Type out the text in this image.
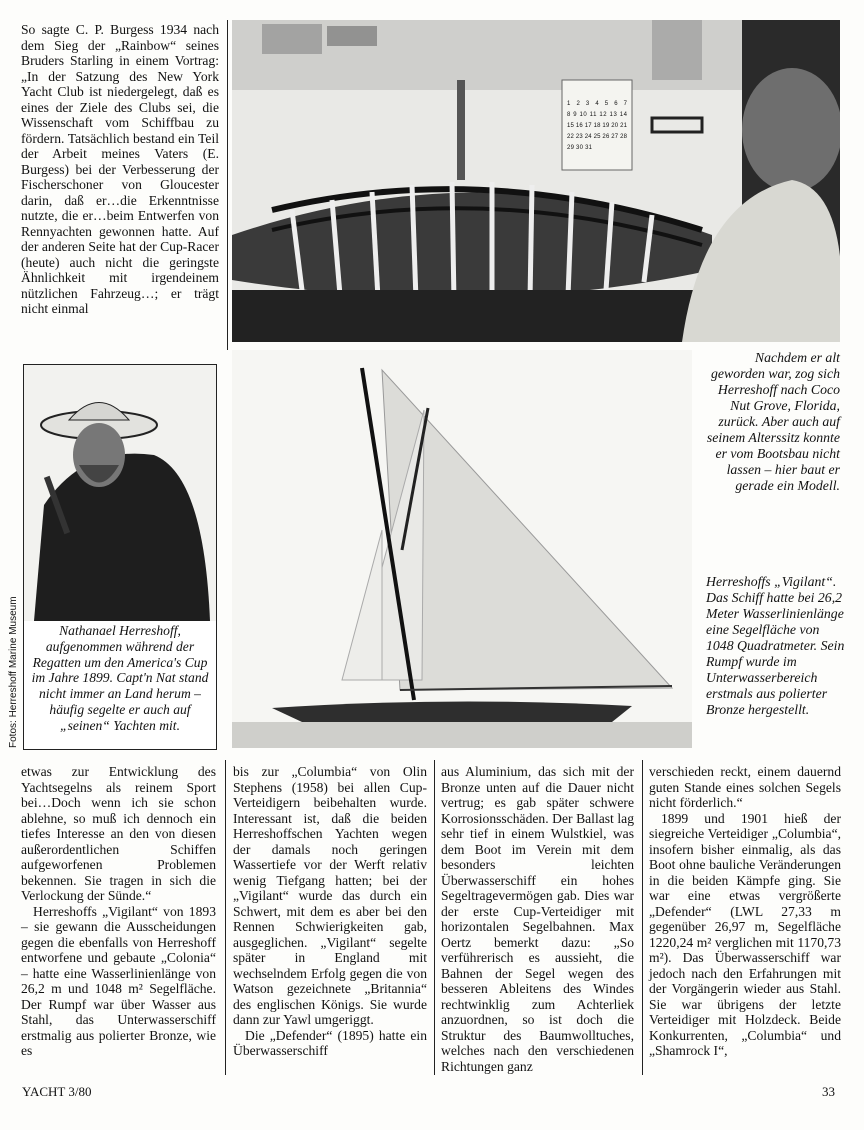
So sagte C. P. Burgess 1934 nach dem Sieg der „Rainbow“ seines Bruders Starling in einem Vortrag: „In der Satzung des New York Yacht Club ist niedergelegt, daß es eines der Ziele des Clubs sei, die Wissenschaft vom Schiffbau zu fördern. Tatsächlich bestand ein Teil der Arbeit meines Vaters (E. Burgess) bei der Verbesserung der Fischerschoner von Gloucester darin, daß er…die Erkenntnisse nutzte, die er…beim Entwerfen von Rennyachten gewonnen hatte. Auf der anderen Seite hat der Cup-Racer (heute) auch nicht die geringste Ähnlichkeit mit irgendeinem nützlichen Fahrzeug…; er trägt nicht einmal

1 2 3 4 5 6 7
8 9 10 11 12 13 14
15 16 17 18 19 20 21
22 23 24 25 26 27 28
29 30 31
Nathanael Herreshoff, aufgenommen während der Regatten um den America's Cup im Jahre 1899. Capt'n Nat stand nicht immer an Land herum – häufig segelte er auch auf „seinen“ Yachten mit.
Fotos: Herreshoff Marine Museum
Nachdem er alt geworden war, zog sich Herreshoff nach Coco Nut Grove, Florida, zurück. Aber auch auf seinem Alterssitz konnte er vom Bootsbau nicht lassen – hier baut er gerade ein Modell.
Herreshoffs „Vigilant“. Das Schiff hatte bei 26,2 Meter Wasserlinienlänge eine Segelfläche von 1048 Quadratmeter. Sein Rumpf wurde im Unterwasserbereich erstmals aus polierter Bronze hergestellt.

etwas zur Entwicklung des Yachtsegelns als reinem Sport bei…Doch wenn ich sie schon ablehne, so muß ich dennoch ein tiefes Interesse an den von diesen außerordentlichen Schiffen aufgeworfenen Problemen bekennen. Sie tragen in sich die Verlockung der Sünde.“

Herreshoffs „Vigilant“ von 1893 – sie gewann die Ausscheidungen gegen die ebenfalls von Herreshoff entworfene und gebaute „Colonia“ – hatte eine Wasserlinienlänge von 26,2 m und 1048 m² Segelfläche. Der Rumpf war über Wasser aus Stahl, das Unterwasserschiff erstmalig aus polierter Bronze, wie es

bis zur „Columbia“ von Olin Stephens (1958) bei allen Cup-Verteidigern beibehalten wurde. Interessant ist, daß die beiden Herreshoffschen Yachten wegen der damals noch geringen Wassertiefe vor der Werft relativ wenig Tiefgang hatten; bei der „Vigilant“ wurde das durch ein Schwert, mit dem es aber bei den Rennen Schwierigkeiten gab, ausgeglichen. „Vigilant“ segelte später in England mit wechselndem Erfolg gegen die von Watson gezeichnete „Britannia“ des englischen Königs. Sie wurde dann zur Yawl umgeriggt.

Die „Defender“ (1895) hatte ein Überwasserschiff

aus Aluminium, das sich mit der Bronze unten auf die Dauer nicht vertrug; es gab später schwere Korrosionsschäden. Der Ballast lag sehr tief in einem Wulstkiel, was dem Boot im Verein mit dem besonders leichten Überwasserschiff ein hohes Segeltragevermögen gab. Dies war der erste Cup-Verteidiger mit horizontalen Segelbahnen. Max Oertz bemerkt dazu: „So verführerisch es aussieht, die Bahnen der Segel wegen des besseren Ableitens des Windes rechtwinklig zum Achterliek anzuordnen, so ist doch die Struktur des Baumwolltuches, welches nach den verschiedenen Richtungen ganz

verschieden reckt, einem dauernd guten Stande eines solchen Segels nicht förderlich.“

1899 und 1901 hieß der siegreiche Verteidiger „Columbia“, insofern bisher einmalig, als das Boot ohne bauliche Veränderungen in die beiden Kämpfe ging. Sie war eine etwas vergrößerte „Defender“ (LWL 27,33 m gegenüber 26,97 m, Segelfläche 1220,24 m² verglichen mit 1170,73 m²). Das Überwasserschiff war jedoch nach den Erfahrungen mit der Vorgängerin wieder aus Stahl. Sie war übrigens der letzte Verteidiger mit Holzdeck. Beide Konkurrenten, „Columbia“ und „Shamrock I“,

YACHT 3/80	33
